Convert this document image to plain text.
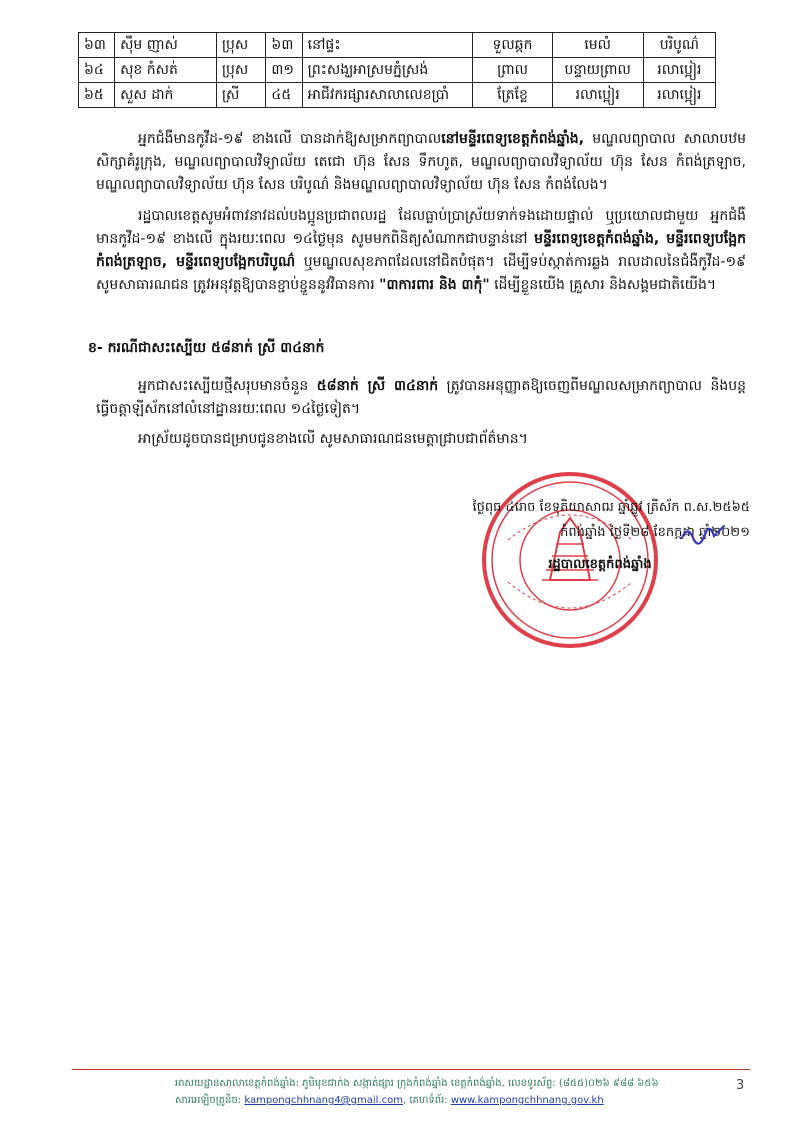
៦៣	ស៊ឹម ញាស់	ប្រុស	៦៣	នៅផ្ទះ	ទួលឆ្កក	មេលំ	បរិបូណ៌
៦៤	សុខ កំសត់	ប្រុស	៣១	ព្រះសង្ឃអាស្រមភ្នំស្រង់	ព្រាល	បន្ទាយព្រាល	រលាប្អៀរ
៦៥	សួស ដាក់	ស្រី	៤៥	អាជីវករផ្សារសាលាលេខប្រាំ	ត្រែខ្លែ	រលាប្អៀរ	រលាប្អៀរ

អ្នកជំងឺមានកូវីដ-១៩ ខាងលើ បានដាក់ឱ្យសម្រាកព្យាបាលនៅមន្ទីរពេទ្យខេត្តកំពង់ឆ្នាំង, មណ្ឌលព្យាបាល សាលាបឋមសិក្សាគំរូក្រុង, មណ្ឌលព្យាបាលវិទ្យាល័យ តេជោ ហ៊ុន សែន ទឹកហូត, មណ្ឌលព្យាបាលវិទ្យាល័យ ហ៊ុន សែន កំពង់ត្រឡាច, មណ្ឌលព្យាបាលវិទ្យាល័យ ហ៊ុន សែន បរិបូណ៌ និងមណ្ឌលព្យាបាលវិទ្យាល័យ ហ៊ុន សែន កំពង់លែង។

រដ្ឋបាលខេត្តសូមអំពាវនាវដល់បងប្អូនប្រជាពលរដ្ឋ ដែលធ្លាប់ប្រាស្រ័យទាក់ទងដោយផ្ទាល់ ឬប្រយោលជាមួយ អ្នកជំងឺមានកូវីដ-១៩ ខាងលើ ក្នុងរយៈពេល ១៤ថ្ងៃមុន សូមមកពិនិត្យសំណាកជាបន្ទាន់នៅ មន្ទីរពេទ្យខេត្តកំពង់ឆ្នាំង, មន្ទីរពេទ្យបង្អែកកំពង់ត្រឡាច, មន្ទីរពេទ្យបង្អែកបរិបូណ៌ ឬមណ្ឌលសុខភាពដែលនៅជិតបំផុត។ ដើម្បីទប់ស្កាត់ការឆ្លង រាលដាលនៃជំងឺកូវីដ-១៩ សូមសាធារណជន ត្រូវអនុវត្តឱ្យបានខ្ជាប់ខ្ជួននូវវិធានការ "៣ការពារ និង ៣កុំ" ដើម្បីខ្លួនយើង គ្រួសារ និងសង្គមជាតិយើង។

ខ- ករណីជាសះស្បើយ ៥៨នាក់ ស្រី ៣៤នាក់

អ្នកជាសះស្បើយថ្មីសរុបមានចំនួន ៥៨នាក់ ស្រី ៣៤នាក់ ត្រូវបានអនុញ្ញាតឱ្យចេញពីមណ្ឌលសម្រាកព្យាបាល និងបន្តធ្វើចត្តាឡីស័កនៅលំនៅដ្ឋានរយៈពេល ១៤ថ្ងៃទៀត។

អាស្រ័យដូចបានជម្រាបជូនខាងលើ សូមសាធារណជនមេត្តាជ្រាបជាព័ត៌មាន។

ថ្ងៃពុធ ៤រោច ខែទុតិយាសាឍ ឆ្នាំឆ្លូវ ត្រីស័ក ព.ស.២៥៦៥
កំពង់ឆ្នាំង ថ្ងៃទី២៨ ខែកក្កដា ឆ្នាំ២០២១
រដ្ឋបាលខេត្តកំពង់ឆ្នាំង
អាសយដ្ឋានសាលាខេត្តកំពង់ឆ្នាំង: ភូមិមុខជាក់ង សង្កាត់ផ្សារ ក្រុងកំពង់ឆ្នាំង ខេត្តកំពង់ឆ្នាំង, លេខទូរស័ព្ទ: (៨៥៥)០២៦ ៩៨៨ ៦៥៦
សារអេឡិចត្រូនិច: kampongchhnang4@gmail.com, គេហទំព័រ: www.kampongchhnang.gov.kh
3
